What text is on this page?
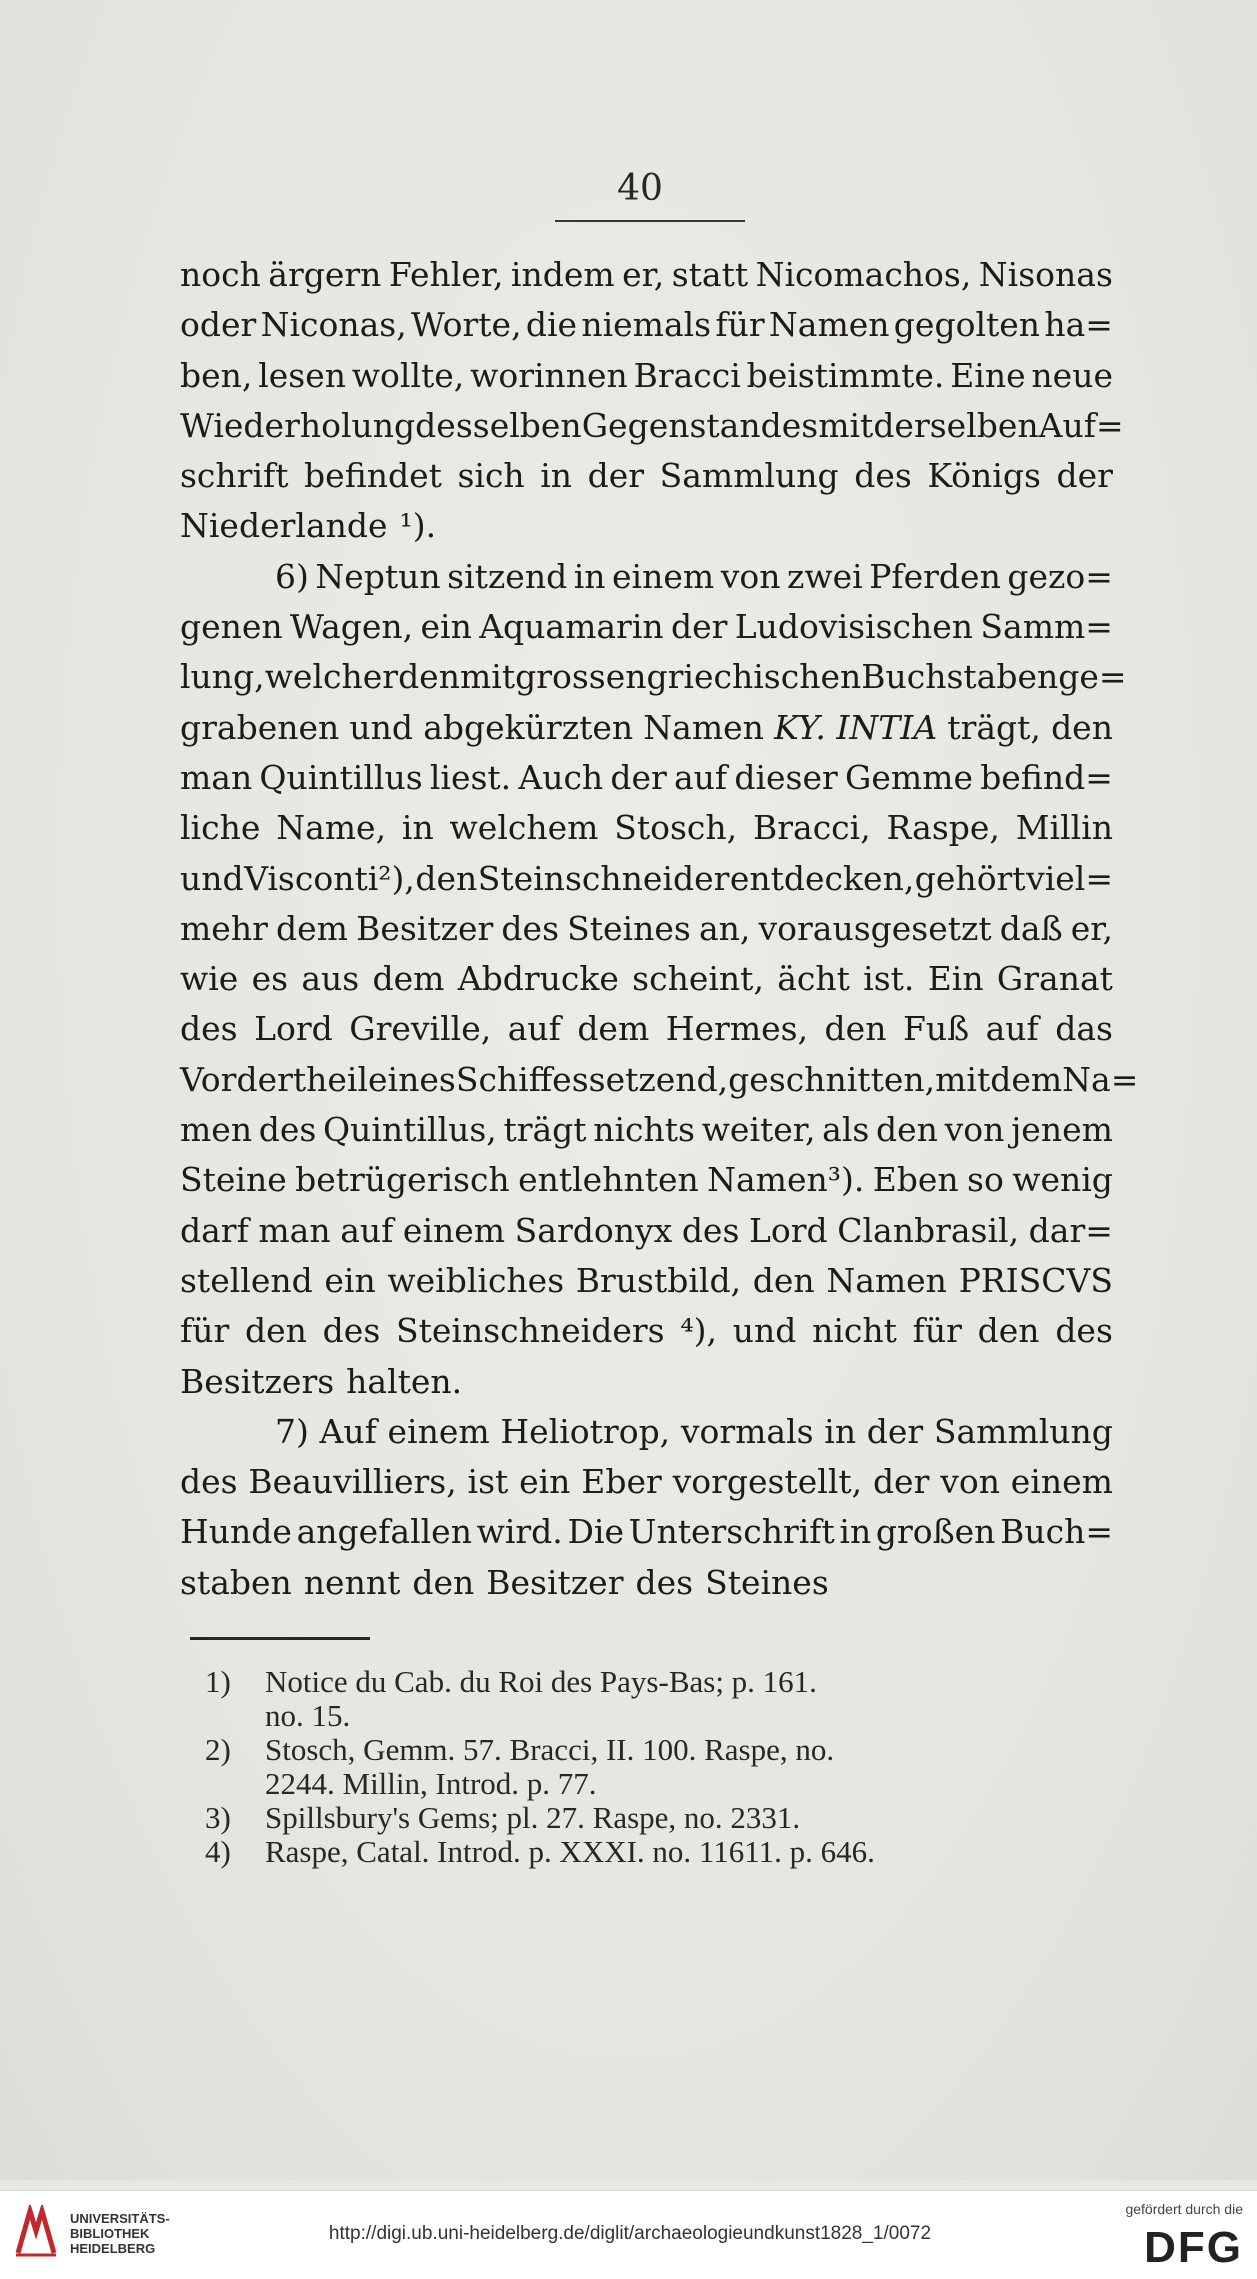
40
noch ärgern Fehler, indem er, statt Nicomachos, Nisonas
oder Niconas, Worte, die niemals für Namen gegolten ha=
ben, lesen wollte, worinnen Bracci beistimmte. Eine neue
Wiederholung desselben Gegenstandes mit derselben Auf=
schrift befindet sich in der Sammlung des Königs der
Niederlande ¹).
6) Neptun sitzend in einem von zwei Pferden gezo=
genen Wagen, ein Aquamarin der Ludovisischen Samm=
lung, welcher den mit grossen griechischen Buchstaben ge=
grabenen und abgekürzten Namen KY. INTIA trägt, den
man Quintillus liest. Auch der auf dieser Gemme befind=
liche Name, in welchem Stosch, Bracci, Raspe, Millin
und Visconti²), den Steinschneider entdecken, gehört viel=
mehr dem Besitzer des Steines an, vorausgesetzt daß er,
wie es aus dem Abdrucke scheint, ächt ist. Ein Granat
des Lord Greville, auf dem Hermes, den Fuß auf das
Vordertheil eines Schiffes setzend, geschnitten, mit dem Na=
men des Quintillus, trägt nichts weiter, als den von jenem
Steine betrügerisch entlehnten Namen³). Eben so wenig
darf man auf einem Sardonyx des Lord Clanbrasil, dar=
stellend ein weibliches Brustbild, den Namen PRISCVS
für den des Steinschneiders ⁴), und nicht für den des
Besitzers halten.
7) Auf einem Heliotrop, vormals in der Sammlung
des Beauvilliers, ist ein Eber vorgestellt, der von einem
Hunde angefallen wird. Die Unterschrift in großen Buch=
staben nennt den Besitzer des Steines
1)	Notice du Cab. du Roi des Pays-Bas; p. 161.
no. 15.
2)	Stosch, Gemm. 57. Bracci, II. 100. Raspe, no.
2244. Millin, Introd. p. 77.
3)	Spillsbury's Gems; pl. 27. Raspe, no. 2331.
4)	Raspe, Catal. Introd. p. XXXI. no. 11611. p. 646.
UNIVERSITÄTS-
BIBLIOTHEK
HEIDELBERG
http://digi.ub.uni-heidelberg.de/diglit/archaeologieundkunst1828_1/0072
gefördert durch die
DFG
